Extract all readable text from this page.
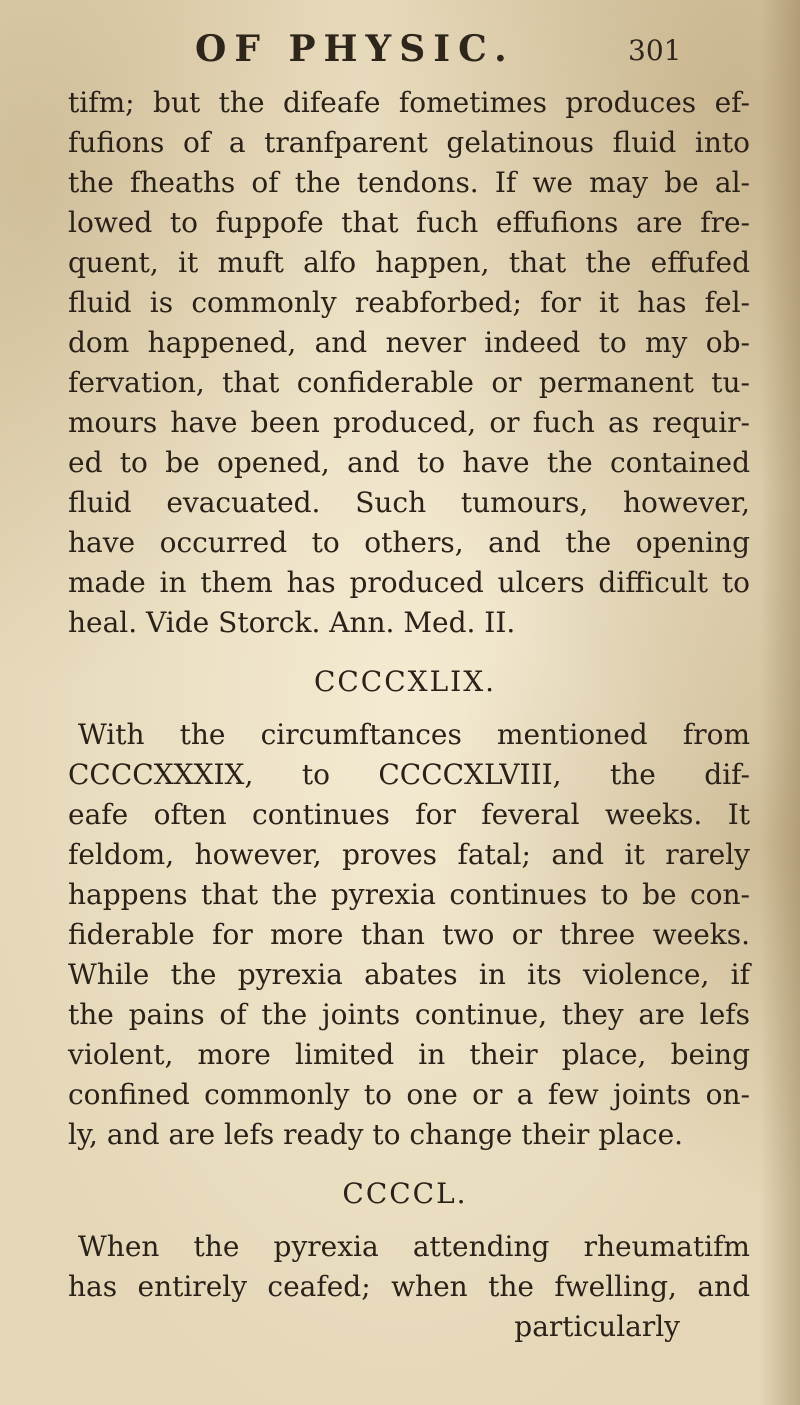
OF PHYSIC.	301
tifm; but the difeafe fometimes produces ef-
fufions of a tranfparent gelatinous fluid into
the fheaths of the tendons. If we may be al-
lowed to fuppofe that fuch effufions are fre-
quent, it muft alfo happen, that the effufed
fluid is commonly reabforbed; for it has fel-
dom happened, and never indeed to my ob-
fervation, that confiderable or permanent tu-
mours have been produced, or fuch as requir-
ed to be opened, and to have the contained
fluid evacuated. Such tumours, however,
have occurred to others, and the opening
made in them has produced ulcers difficult to
heal. Vide Storck. Ann. Med. II.
CCCCXLIX.
With the circumftances mentioned from
CCCCXXXIX, to CCCCXLVIII, the dif-
eafe often continues for feveral weeks. It
feldom, however, proves fatal; and it rarely
happens that the pyrexia continues to be con-
fiderable for more than two or three weeks.
While the pyrexia abates in its violence, if
the pains of the joints continue, they are lefs
violent, more limited in their place, being
confined commonly to one or a few joints on-
ly, and are lefs ready to change their place.
CCCCL.
When the pyrexia attending rheumatifm
has entirely ceafed; when the fwelling, and
particularly
